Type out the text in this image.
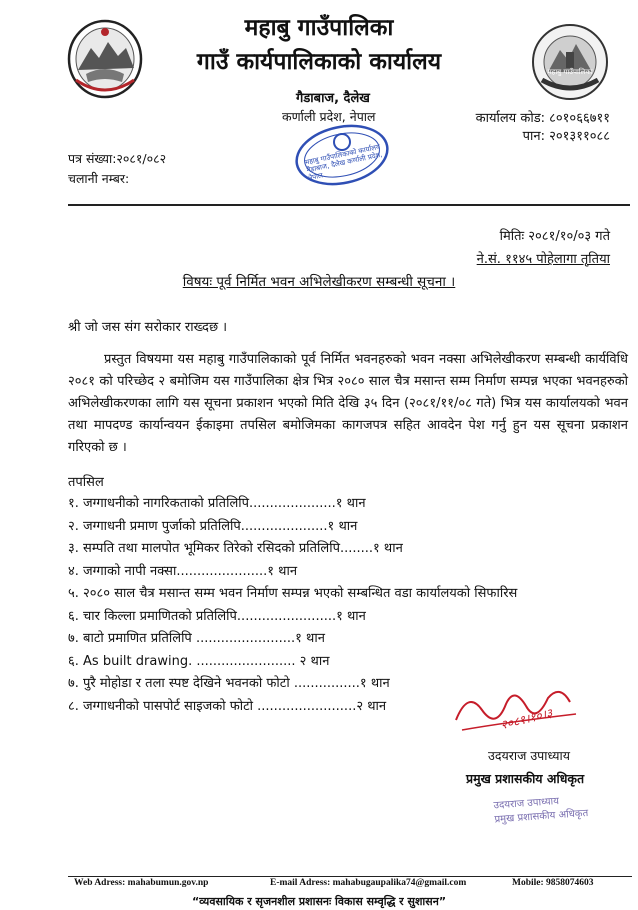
महाबु गाउँपालिका
महाबु गाउँपालिका
गाउँ कार्यपालिकाको कार्यालय
गैडाबाज, दैलेख
कर्णाली प्रदेश, नेपाल	कार्यालय कोड: ८०१०६६७११
पान: २०१३११०८८
पत्र संख्या:२०८१/०८२
चलानी नम्बर:
महाबु गाउँपालिकाको कार्यालय गैडाबाज, दैलेख कर्णाली प्रदेश, नेपाल
मितिः २०८१/१०/०३ गते
ने.सं. ११४५ पोहेलागा तृतिया
विषयः पूर्व निर्मित भवन अभिलेखीकरण सम्बन्धी सूचना ।
श्री जो जस संग सरोकार राख्दछ ।
प्रस्तुत विषयमा यस महाबु गाउँपालिकाको पूर्व निर्मित भवनहरुको भवन नक्सा अभिलेखीकरण सम्बन्धी कार्यविधि २०८१ को परिच्छेद २ बमोजिम यस गाउँपालिका क्षेत्र भित्र २०८० साल चैत्र मसान्त सम्म निर्माण सम्पन्न भएका भवनहरुको अभिलेखीकरणका लागि यस सूचना प्रकाशन भएको मिति देखि ३५ दिन (२०८१/११/०८ गते) भित्र यस कार्यालयको भवन तथा मापदण्ड कार्यान्वयन ईकाइमा तपसिल बमोजिमका कागजपत्र सहित आवदेन पेश गर्नु हुन यस सूचना प्रकाशन गरिएको छ ।
तपसिल
१. जग्गाधनीको नागरिकताको प्रतिलिपि.....................१ थान
२. जग्गाधनी प्रमाण पुर्जाको प्रतिलिपि.....................१ थान
३. सम्पति तथा मालपोत भूमिकर तिरेको रसिदको प्रतिलिपि........१ थान
४. जग्गाको नापी नक्सा......................१ थान
५. २०८० साल चैत्र मसान्त सम्म भवन निर्माण सम्पन्न भएको सम्बन्धित वडा कार्यालयको सिफारिस
६. चार किल्ला प्रमाणितको प्रतिलिपि........................१ थान
७. बाटो प्रमाणित प्रतिलिपि ........................१ थान
६. As built drawing. ........................ २ थान
७. पुरै मोहोडा र तला स्पष्ट देखिने भवनको फोटो ................१ थान
८. जग्गाधनीको पासपोर्ट साइजको फोटो ........................२ थान	२०८१।१०।३
उदयराज उपाध्याय
प्रमुख प्रशासकीय अधिकृत
उदयराज उपाध्याय
प्रमुख प्रशासकीय अधिकृत
Web Adress: mahabumun.gov.np	E-mail Adress: mahabugaupalika74@gmail.com	Mobile: 9858074603
“व्यवसायिक र सृजनशील प्रशासनः विकास सम्वृद्धि र सुशासन”
